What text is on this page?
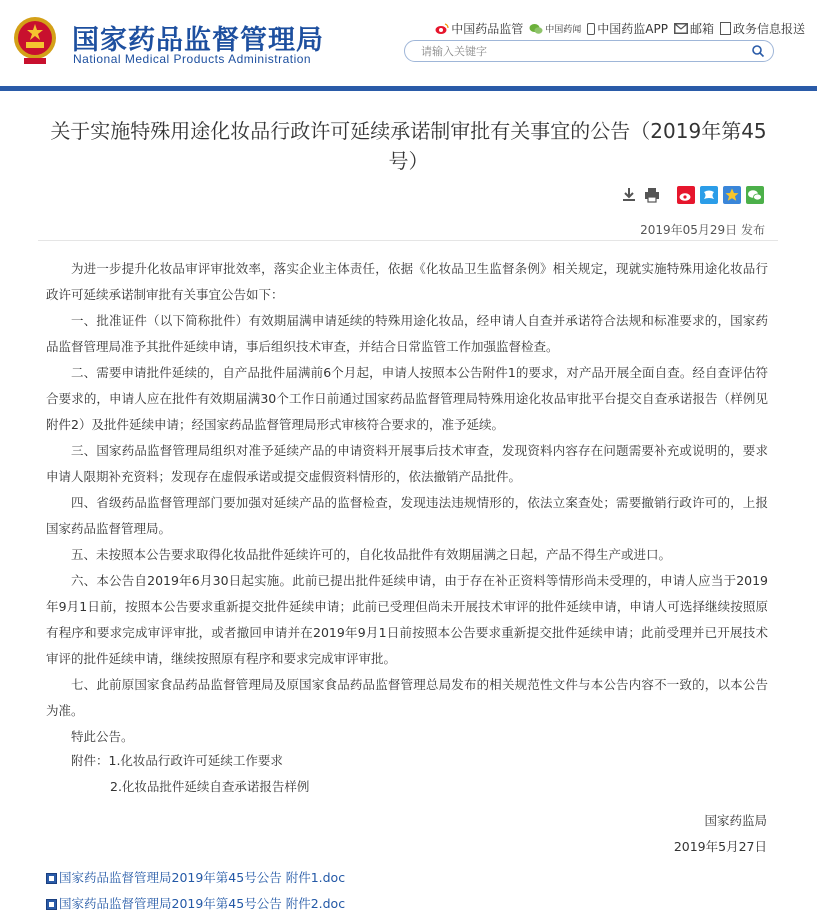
国家药品监督管理局
National Medical Products Administration
中国药品监管 中国药闻 中国药监APP 邮箱 政务信息报送
请输入关键字
关于实施特殊用途化妆品行政许可延续承诺制审批有关事宜的公告（2019年第45号）
2019年05月29日 发布

为进一步提升化妆品审评审批效率，落实企业主体责任，依据《化妆品卫生监督条例》相关规定，现就实施特殊用途化妆品行政许可延续承诺制审批有关事宜公告如下：

一、批准证件（以下简称批件）有效期届满申请延续的特殊用途化妆品，经申请人自查并承诺符合法规和标准要求的，国家药品监督管理局准予其批件延续申请，事后组织技术审查，并结合日常监管工作加强监督检查。

二、需要申请批件延续的，自产品批件届满前6个月起，申请人按照本公告附件1的要求，对产品开展全面自查。经自查评估符合要求的，申请人应在批件有效期届满30个工作日前通过国家药品监督管理局特殊用途化妆品审批平台提交自查承诺报告（样例见附件2）及批件延续申请；经国家药品监督管理局形式审核符合要求的，准予延续。

三、国家药品监督管理局组织对准予延续产品的申请资料开展事后技术审查，发现资料内容存在问题需要补充或说明的，要求申请人限期补充资料；发现存在虚假承诺或提交虚假资料情形的，依法撤销产品批件。

四、省级药品监督管理部门要加强对延续产品的监督检查，发现违法违规情形的，依法立案查处；需要撤销行政许可的，上报国家药品监督管理局。

五、未按照本公告要求取得化妆品批件延续许可的，自化妆品批件有效期届满之日起，产品不得生产或进口。

六、本公告自2019年6月30日起实施。此前已提出批件延续申请，由于存在补正资料等情形尚未受理的，申请人应当于2019年9月1日前，按照本公告要求重新提交批件延续申请；此前已受理但尚未开展技术审评的批件延续申请，申请人可选择继续按照原有程序和要求完成审评审批，或者撤回申请并在2019年9月1日前按照本公告要求重新提交批件延续申请；此前受理并已开展技术审评的批件延续申请，继续按照原有程序和要求完成审评审批。

七、此前原国家食品药品监督管理局及原国家食品药品监督管理总局发布的相关规范性文件与本公告内容不一致的，以本公告为准。

特此公告。

附件：1.化妆品行政许可延续工作要求
2.化妆品批件延续自查承诺报告样例
国家药监局
2019年5月27日
国家药品监督管理局2019年第45号公告 附件1.doc
国家药品监督管理局2019年第45号公告 附件2.doc
